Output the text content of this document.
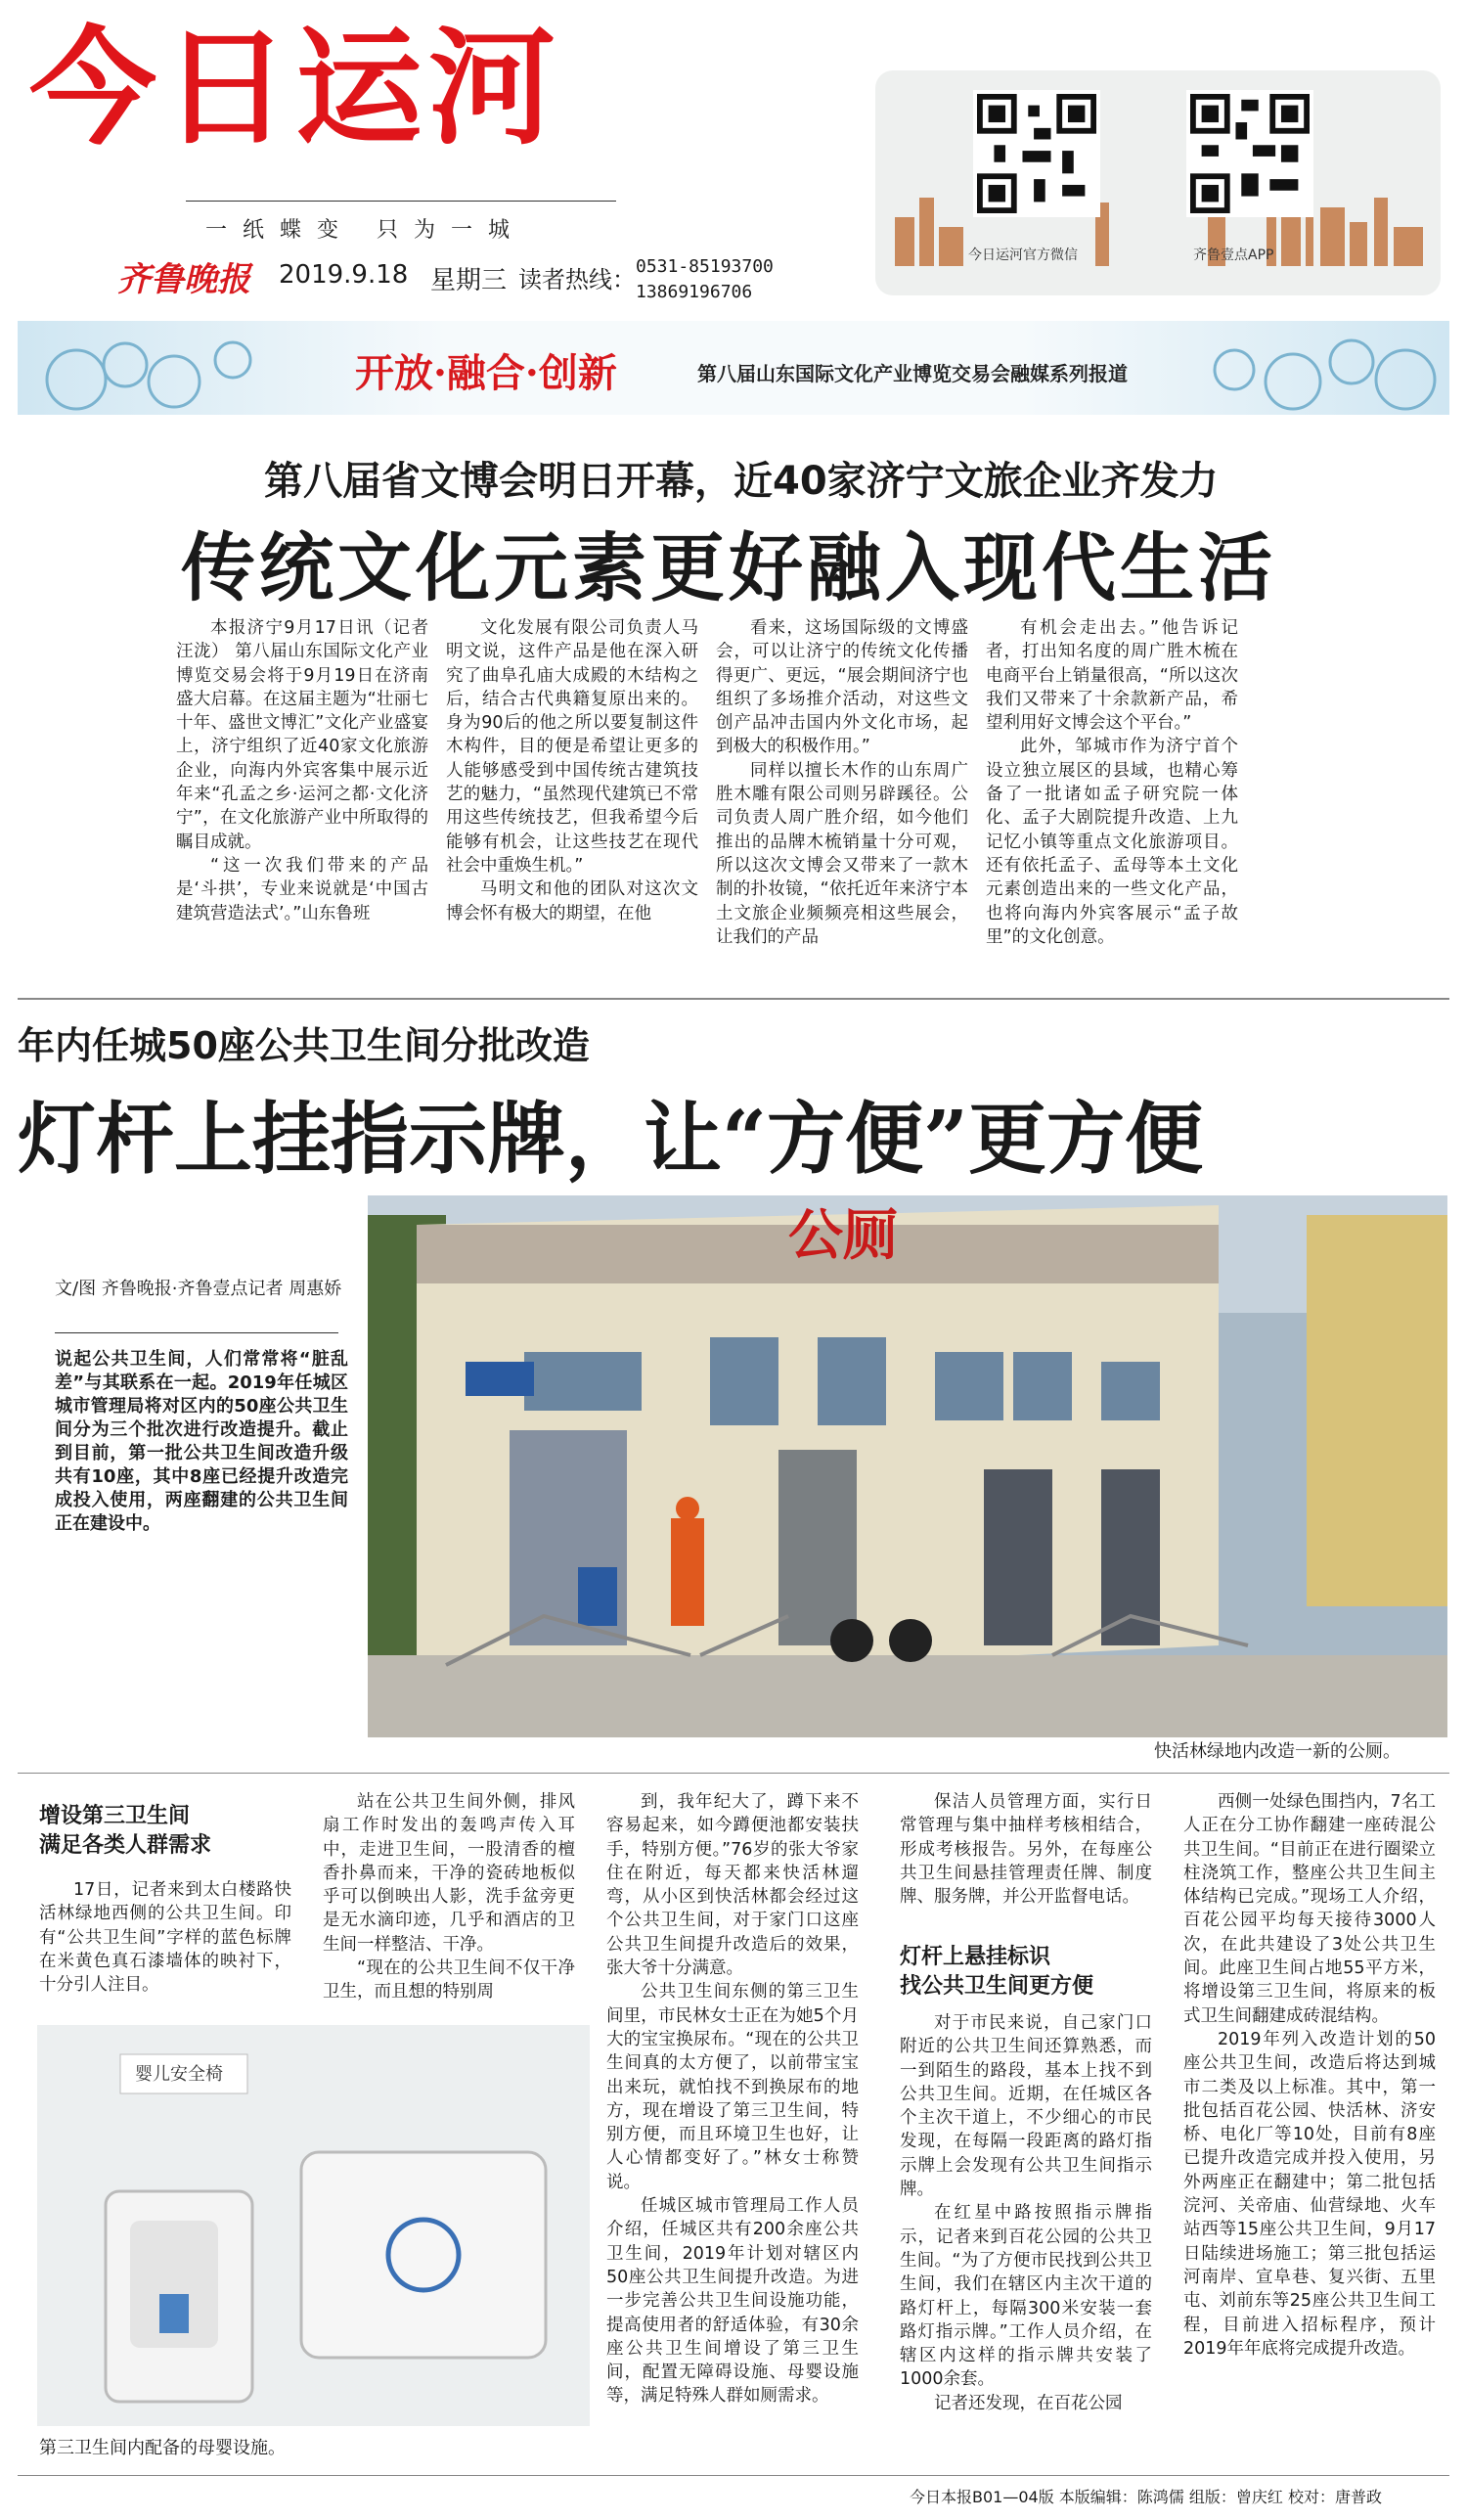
今日运河
一纸蝶变 只为一城
齐鲁晚报 2019.9.18 星期三 读者热线： 0531-85193700
13869196706
今日运河官方微信	齐鲁壹点APP
开放·融合·创新	第八届山东国际文化产业博览交易会融媒系列报道
第八届省文博会明日开幕，近40家济宁文旅企业齐发力
传统文化元素更好融入现代生活

本报济宁9月17日讯（记者汪泷） 第八届山东国际文化产业博览交易会将于9月19日在济南盛大启幕。在这届主题为“壮丽七十年、盛世文博汇”文化产业盛宴上，济宁组织了近40家文化旅游企业，向海内外宾客集中展示近年来“孔孟之乡·运河之都·文化济宁”，在文化旅游产业中所取得的瞩目成就。

“这一次我们带来的产品是‘斗拱’，专业来说就是‘中国古建筑营造法式’。”山东鲁班

文化发展有限公司负责人马明文说，这件产品是他在深入研究了曲阜孔庙大成殿的木结构之后，结合古代典籍复原出来的。身为90后的他之所以要复制这件木构件，目的便是希望让更多的人能够感受到中国传统古建筑技艺的魅力，“虽然现代建筑已不常用这些传统技艺，但我希望今后能够有机会，让这些技艺在现代社会中重焕生机。”

马明文和他的团队对这次文博会怀有极大的期望，在他

看来，这场国际级的文博盛会，可以让济宁的传统文化传播得更广、更远，“展会期间济宁也组织了多场推介活动，对这些文创产品冲击国内外文化市场，起到极大的积极作用。”

同样以擅长木作的山东周广胜木雕有限公司则另辟蹊径。公司负责人周广胜介绍，如今他们推出的品牌木梳销量十分可观，所以这次文博会又带来了一款木制的扑妆镜，“依托近年来济宁本土文旅企业频频亮相这些展会，让我们的产品

有机会走出去。”他告诉记者，打出知名度的周广胜木梳在电商平台上销量很高，“所以这次我们又带来了十余款新产品，希望利用好文博会这个平台。”

此外，邹城市作为济宁首个设立独立展区的县域，也精心筹备了一批诸如孟子研究院一体化、孟子大剧院提升改造、上九记忆小镇等重点文化旅游项目。还有依托孟子、孟母等本土文化元素创造出来的一些文化产品，也将向海内外宾客展示“孟子故里”的文化创意。

年内任城50座公共卫生间分批改造
灯杆上挂指示牌，让“方便”更方便
文/图 齐鲁晚报·齐鲁壹点记者 周惠娇
说起公共卫生间，人们常常将“脏乱差”与其联系在一起。2019年任城区城市管理局将对区内的50座公共卫生间分为三个批次进行改造提升。截止到目前，第一批公共卫生间改造升级共有10座，其中8座已经提升改造完成投入使用，两座翻建的公共卫生间正在建设中。
公厕
快活林绿地内改造一新的公厕。
增设第三卫生间
满足各类人群需求

17日，记者来到太白楼路快活林绿地西侧的公共卫生间。印有“公共卫生间”字样的蓝色标牌在米黄色真石漆墙体的映衬下，十分引人注目。

婴儿安全椅
第三卫生间内配备的母婴设施。

站在公共卫生间外侧，排风扇工作时发出的轰鸣声传入耳中，走进卫生间，一股清香的檀香扑鼻而来，干净的瓷砖地板似乎可以倒映出人影，洗手盆旁更是无水滴印迹，几乎和酒店的卫生间一样整洁、干净。

“现在的公共卫生间不仅干净卫生，而且想的特别周

到，我年纪大了，蹲下来不容易起来，如今蹲便池都安装扶手，特别方便。”76岁的张大爷家住在附近，每天都来快活林遛弯，从小区到快活林都会经过这个公共卫生间，对于家门口这座公共卫生间提升改造后的效果，张大爷十分满意。

公共卫生间东侧的第三卫生间里，市民林女士正在为她5个月大的宝宝换尿布。“现在的公共卫生间真的太方便了，以前带宝宝出来玩，就怕找不到换尿布的地方，现在增设了第三卫生间，特别方便，而且环境卫生也好，让人心情都变好了。”林女士称赞说。

任城区城市管理局工作人员介绍，任城区共有200余座公共卫生间，2019年计划对辖区内50座公共卫生间提升改造。为进一步完善公共卫生间设施功能，提高使用者的舒适体验，有30余座公共卫生间增设了第三卫生间，配置无障碍设施、母婴设施等，满足特殊人群如厕需求。

保洁人员管理方面，实行日常管理与集中抽样考核相结合，形成考核报告。另外，在每座公共卫生间悬挂管理责任牌、制度牌、服务牌，并公开监督电话。

灯杆上悬挂标识
找公共卫生间更方便

对于市民来说，自己家门口附近的公共卫生间还算熟悉，而一到陌生的路段，基本上找不到公共卫生间。近期，在任城区各个主次干道上，不少细心的市民发现，在每隔一段距离的路灯指示牌上会发现有公共卫生间指示牌。

在红星中路按照指示牌指示，记者来到百花公园的公共卫生间。“为了方便市民找到公共卫生间，我们在辖区内主次干道的路灯杆上，每隔300米安装一套路灯指示牌。”工作人员介绍，在辖区内这样的指示牌共安装了1000余套。

记者还发现，在百花公园

西侧一处绿色围挡内，7名工人正在分工协作翻建一座砖混公共卫生间。“目前正在进行圈梁立柱浇筑工作，整座公共卫生间主体结构已完成。”现场工人介绍，百花公园平均每天接待3000人次，在此共建设了3处公共卫生间。此座卫生间占地55平方米，将增设第三卫生间，将原来的板式卫生间翻建成砖混结构。

2019年列入改造计划的50座公共卫生间，改造后将达到城市二类及以上标准。其中，第一批包括百花公园、快活林、济安桥、电化厂等10处，目前有8座已提升改造完成并投入使用，另外两座正在翻建中；第二批包括浣河、关帝庙、仙营绿地、火车站西等15座公共卫生间，9月17日陆续进场施工；第三批包括运河南岸、宣阜巷、复兴街、五里屯、刘前东等25座公共卫生间工程，目前进入招标程序，预计2019年年底将完成提升改造。

今日本报B01—04版 本版编辑：陈鸿儒 组版：曾庆红 校对：唐普政
